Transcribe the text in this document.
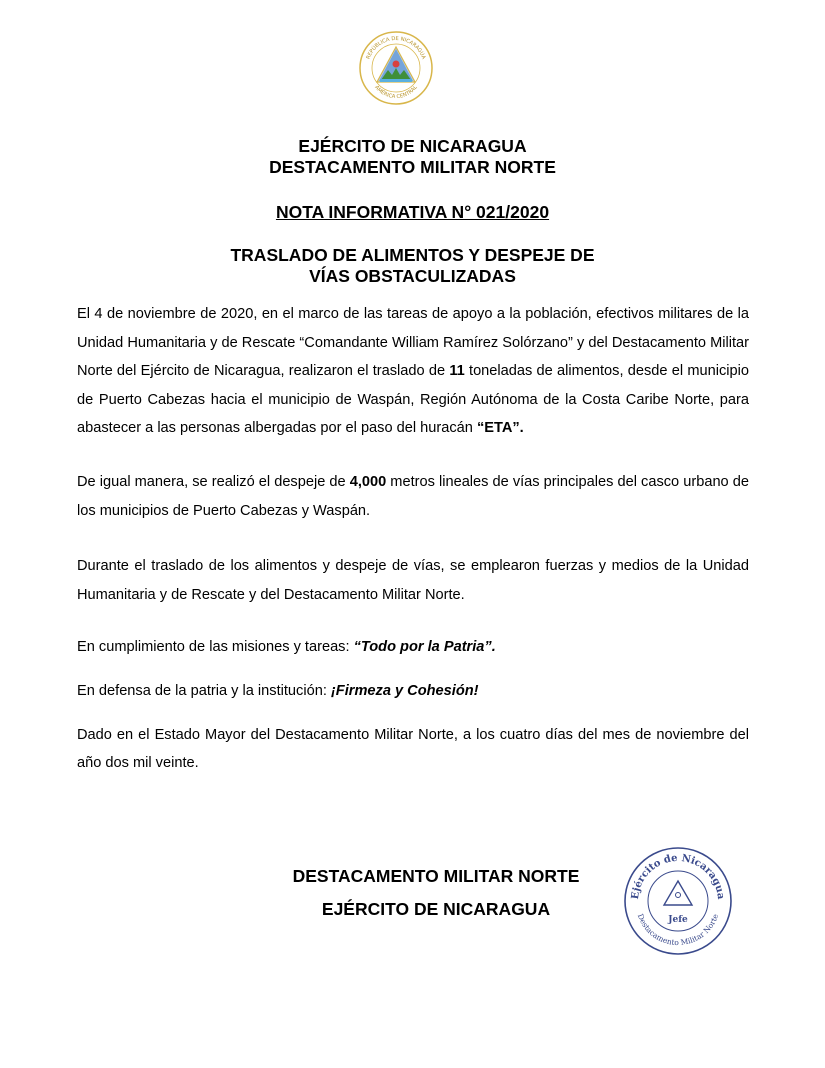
REPÚBLICA DE NICARAGUA
AMÉRICA CENTRAL
EJÉRCITO DE NICARAGUA
DESTACAMENTO MILITAR NORTE
NOTA INFORMATIVA N° 021/2020
TRASLADO DE ALIMENTOS Y DESPEJE DE
VÍAS OBSTACULIZADAS

El 4 de noviembre de 2020, en el marco de las tareas de apoyo a la población, efectivos militares de la Unidad Humanitaria y de Rescate “Comandante William Ramírez Solórzano” y del Destacamento Militar Norte del Ejército de Nicaragua, realizaron el traslado de 11 toneladas de alimentos, desde el municipio de Puerto Cabezas hacia el municipio de Waspán, Región Autónoma de la Costa Caribe Norte, para abastecer a las personas albergadas por el paso del huracán “ETA”.

De igual manera, se realizó el despeje de 4,000 metros lineales de vías principales del casco urbano de los municipios de Puerto Cabezas y Waspán.

Durante el traslado de los alimentos y despeje de vías, se emplearon fuerzas y medios de la Unidad Humanitaria y de Rescate y del Destacamento Militar Norte.

En cumplimiento de las misiones y tareas: “Todo por la Patria”.

En defensa de la patria y la institución: ¡Firmeza y Cohesión!

Dado en el Estado Mayor del Destacamento Militar Norte, a los cuatro días del mes de noviembre del año dos mil veinte.

DESTACAMENTO MILITAR NORTE
EJÉRCITO DE NICARAGUA
Ejército de Nicaragua
Destacamento Militar Norte
Jefe
